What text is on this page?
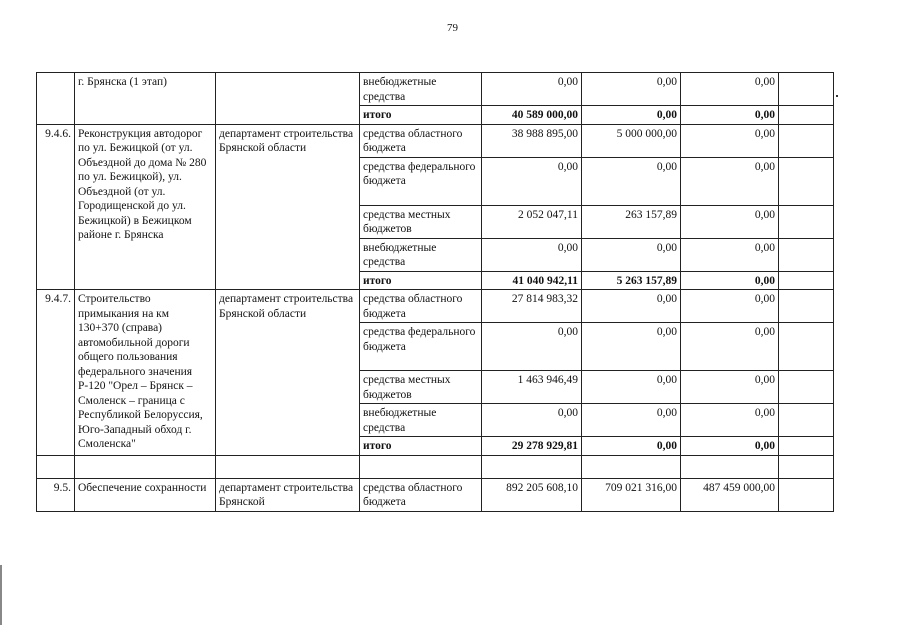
79
	г. Брянска (1 этап)		внебюджетные средства	0,00	0,00	0,00	
			итого	40 589 000,00	0,00	0,00	
9.4.6.	Реконструкция автодорог по ул. Бежицкой (от ул. Объездной до дома № 280 по ул. Бежицкой), ул. Объездной (от ул. Городищенской до ул. Бежицкой) в Бежицком районе г. Брянска	департамент строительства Брянской области	средства областного бюджета	38 988 895,00	5 000 000,00	0,00	
			средства федерального бюджета	0,00	0,00	0,00	
			средства местных бюджетов	2 052 047,11	263 157,89	0,00	
			внебюджетные средства	0,00	0,00	0,00	
			итого	41 040 942,11	5 263 157,89	0,00	
9.4.7.	Строительство примыкания на км 130+370 (справа) автомобильной дороги общего пользования федерального значения Р-120 "Орел – Брянск – Смоленск – граница с Республикой Белоруссия, Юго-Западный обход г. Смоленска"	департамент строительства Брянской области	средства областного бюджета	27 814 983,32	0,00	0,00	
			средства федерального бюджета	0,00	0,00	0,00	
			средства местных бюджетов	1 463 946,49	0,00	0,00	
			внебюджетные средства	0,00	0,00	0,00	
			итого	29 278 929,81	0,00	0,00	

9.5.	Обеспечение сохранности	департамент строительства Брянской	средства областного бюджета	892 205 608,10	709 021 316,00	487 459 000,00	
